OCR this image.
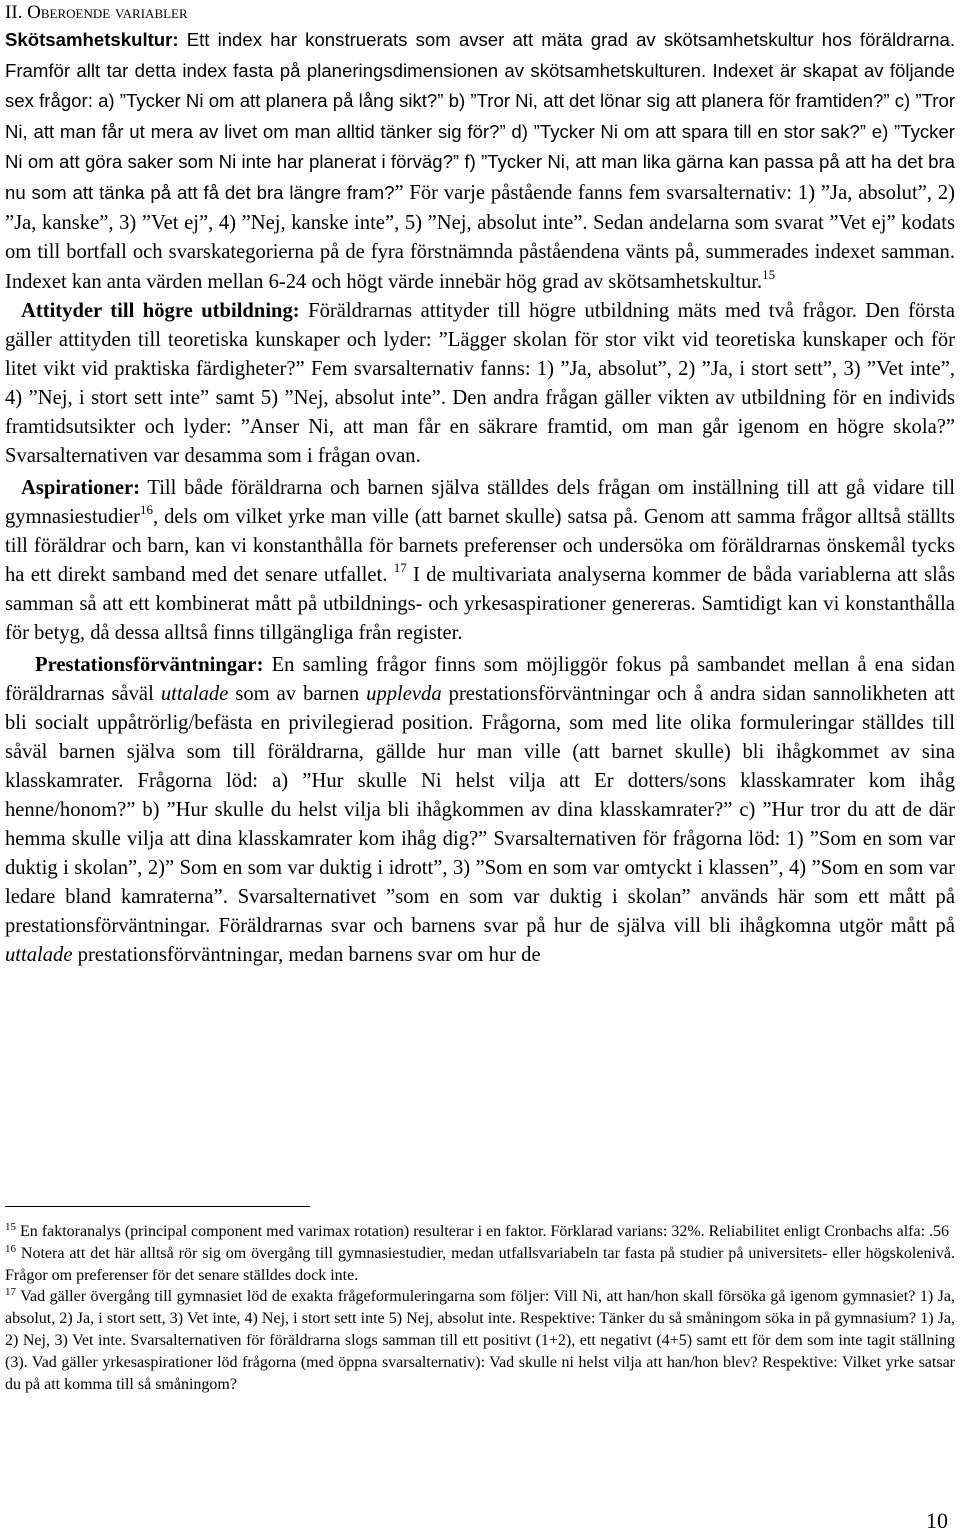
II. Oberoende variabler

Skötsamhetskultur: Ett index har konstruerats som avser att mäta grad av skötsamhetskultur hos föräldrarna. Framför allt tar detta index fasta på planeringsdimensionen av skötsamhetskulturen. Indexet är skapat av följande sex frågor: a) ”Tycker Ni om att planera på lång sikt?” b) ”Tror Ni, att det lönar sig att planera för framtiden?” c) ”Tror Ni, att man får ut mera av livet om man alltid tänker sig för?” d) ”Tycker Ni om att spara till en stor sak?” e) ”Tycker Ni om att göra saker som Ni inte har planerat i förväg?” f) ”Tycker Ni, att man lika gärna kan passa på att ha det bra nu som att tänka på att få det bra längre fram?” För varje påstående fanns fem svarsalternativ: 1) ”Ja, absolut”, 2) ”Ja, kanske”, 3) ”Vet ej”, 4) ”Nej, kanske inte”, 5) ”Nej, absolut inte”. Sedan andelarna som svarat ”Vet ej” kodats om till bortfall och svarskategorierna på de fyra förstnämnda påståendena vänts på, summerades indexet samman. Indexet kan anta värden mellan 6-24 och högt värde innebär hög grad av skötsamhetskultur.$^{15}$

Attityder till högre utbildning: Föräldrarnas attityder till högre utbildning mäts med två frågor. Den första gäller attityden till teoretiska kunskaper och lyder: ”Lägger skolan för stor vikt vid teoretiska kunskaper och för litet vikt vid praktiska färdigheter?” Fem svarsalternativ fanns: 1) ”Ja, absolut”, 2) ”Ja, i stort sett”, 3) ”Vet inte”, 4) ”Nej, i stort sett inte” samt 5) ”Nej, absolut inte”. Den andra frågan gäller vikten av utbildning för en individs framtidsutsikter och lyder: ”Anser Ni, att man får en säkrare framtid, om man går igenom en högre skola?” Svarsalternativen var desamma som i frågan ovan.

Aspirationer: Till både föräldrarna och barnen själva ställdes dels frågan om inställning till att gå vidare till gymnasiestudier$^{16}$, dels om vilket yrke man ville (att barnet skulle) satsa på. Genom att samma frågor alltså ställts till föräldrar och barn, kan vi konstanthålla för barnets preferenser och undersöka om föräldrarnas önskemål tycks ha ett direkt samband med det senare utfallet. $^{17}$ I de multivariata analyserna kommer de båda variablerna att slås samman så att ett kombinerat mått på utbildnings- och yrkesaspirationer genereras. Samtidigt kan vi konstanthålla för betyg, då dessa alltså finns tillgängliga från register.

Prestationsförväntningar: En samling frågor finns som möjliggör fokus på sambandet mellan å ena sidan föräldrarnas såväl uttalade som av barnen upplevda prestationsförväntningar och å andra sidan sannolikheten att bli socialt uppåtrörlig/befästa en privilegierad position. Frågorna, som med lite olika formuleringar ställdes till såväl barnen själva som till föräldrarna, gällde hur man ville (att barnet skulle) bli ihågkommet av sina klasskamrater. Frågorna löd: a) ”Hur skulle Ni helst vilja att Er dotters/sons klasskamrater kom ihåg henne/honom?” b) ”Hur skulle du helst vilja bli ihågkommen av dina klasskamrater?” c) ”Hur tror du att de där hemma skulle vilja att dina klasskamrater kom ihåg dig?” Svarsalternativen för frågorna löd: 1) ”Som en som var duktig i skolan”, 2)” Som en som var duktig i idrott”, 3) ”Som en som var omtyckt i klassen”, 4) ”Som en som var ledare bland kamraterna”. Svarsalternativet ”som en som var duktig i skolan” används här som ett mått på prestationsförväntningar. Föräldrarnas svar och barnens svar på hur de själva vill bli ihågkomna utgör mått på uttalade prestationsförväntningar, medan barnens svar om hur de

$^{15}$ En faktoranalys (principal component med varimax rotation) resulterar i en faktor. Förklarad varians: 32%. Reliabilitet enligt Cronbachs alfa: .56

$^{16}$ Notera att det här alltså rör sig om övergång till gymnasiestudier, medan utfallsvariabeln tar fasta på studier på universitets- eller högskolenivå. Frågor om preferenser för det senare ställdes dock inte.

$^{17}$ Vad gäller övergång till gymnasiet löd de exakta frågeformuleringarna som följer: Vill Ni, att han/hon skall försöka gå igenom gymnasiet? 1) Ja, absolut, 2) Ja, i stort sett, 3) Vet inte, 4) Nej, i stort sett inte 5) Nej, absolut inte. Respektive: Tänker du så småningom söka in på gymnasium? 1) Ja, 2) Nej, 3) Vet inte. Svarsalternativen för föräldrarna slogs samman till ett positivt (1+2), ett negativt (4+5) samt ett för dem som inte tagit ställning (3). Vad gäller yrkesaspirationer löd frågorna (med öppna svarsalternativ): Vad skulle ni helst vilja att han/hon blev? Respektive: Vilket yrke satsar du på att komma till så småningom?

10
